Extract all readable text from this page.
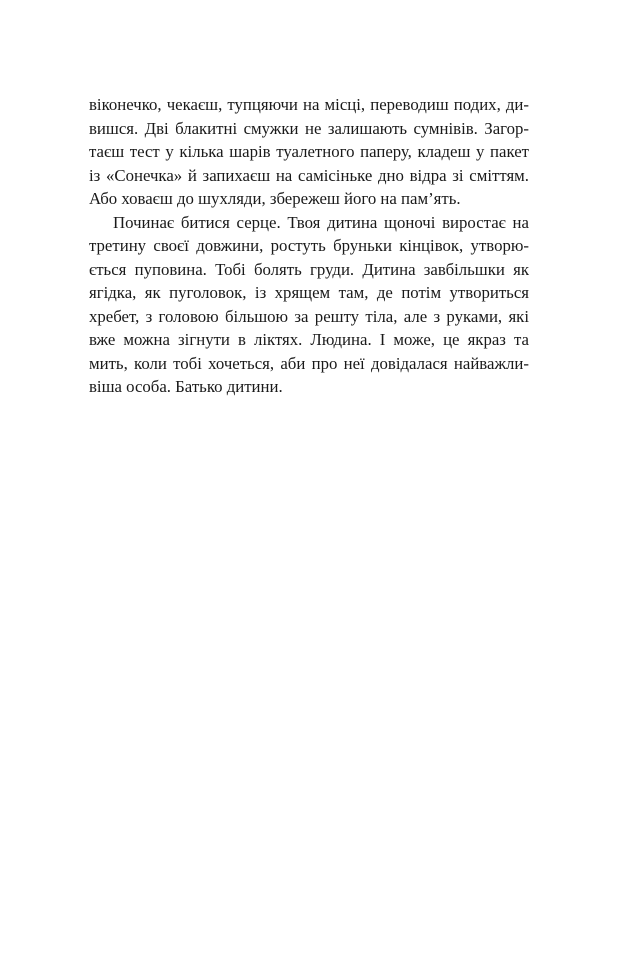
віконечко, чекаєш, тупцяючи на місці, переводиш подих, ди-
вишся. Дві блакитні смужки не залишають сумнівів. Загор-
таєш тест у кілька шарів туалетного паперу, кладеш у пакет
із «Сонечка» й запихаєш на самісіньке дно відра зі сміттям.
Або ховаєш до шухляди, збережеш його на пам’ять.
Починає битися серце. Твоя дитина щоночі виростає на
третину своєї довжини, ростуть бруньки кінцівок, утворю-
ється пуповина. Тобі болять груди. Дитина завбільшки як
ягідка, як пуголовок, із хрящем там, де потім утвориться
хребет, з головою більшою за решту тіла, але з руками, які
вже можна зігнути в ліктях. Людина. І може, це якраз та
мить, коли тобі хочеться, аби про неї довідалася найважли-
віша особа. Батько дитини.
